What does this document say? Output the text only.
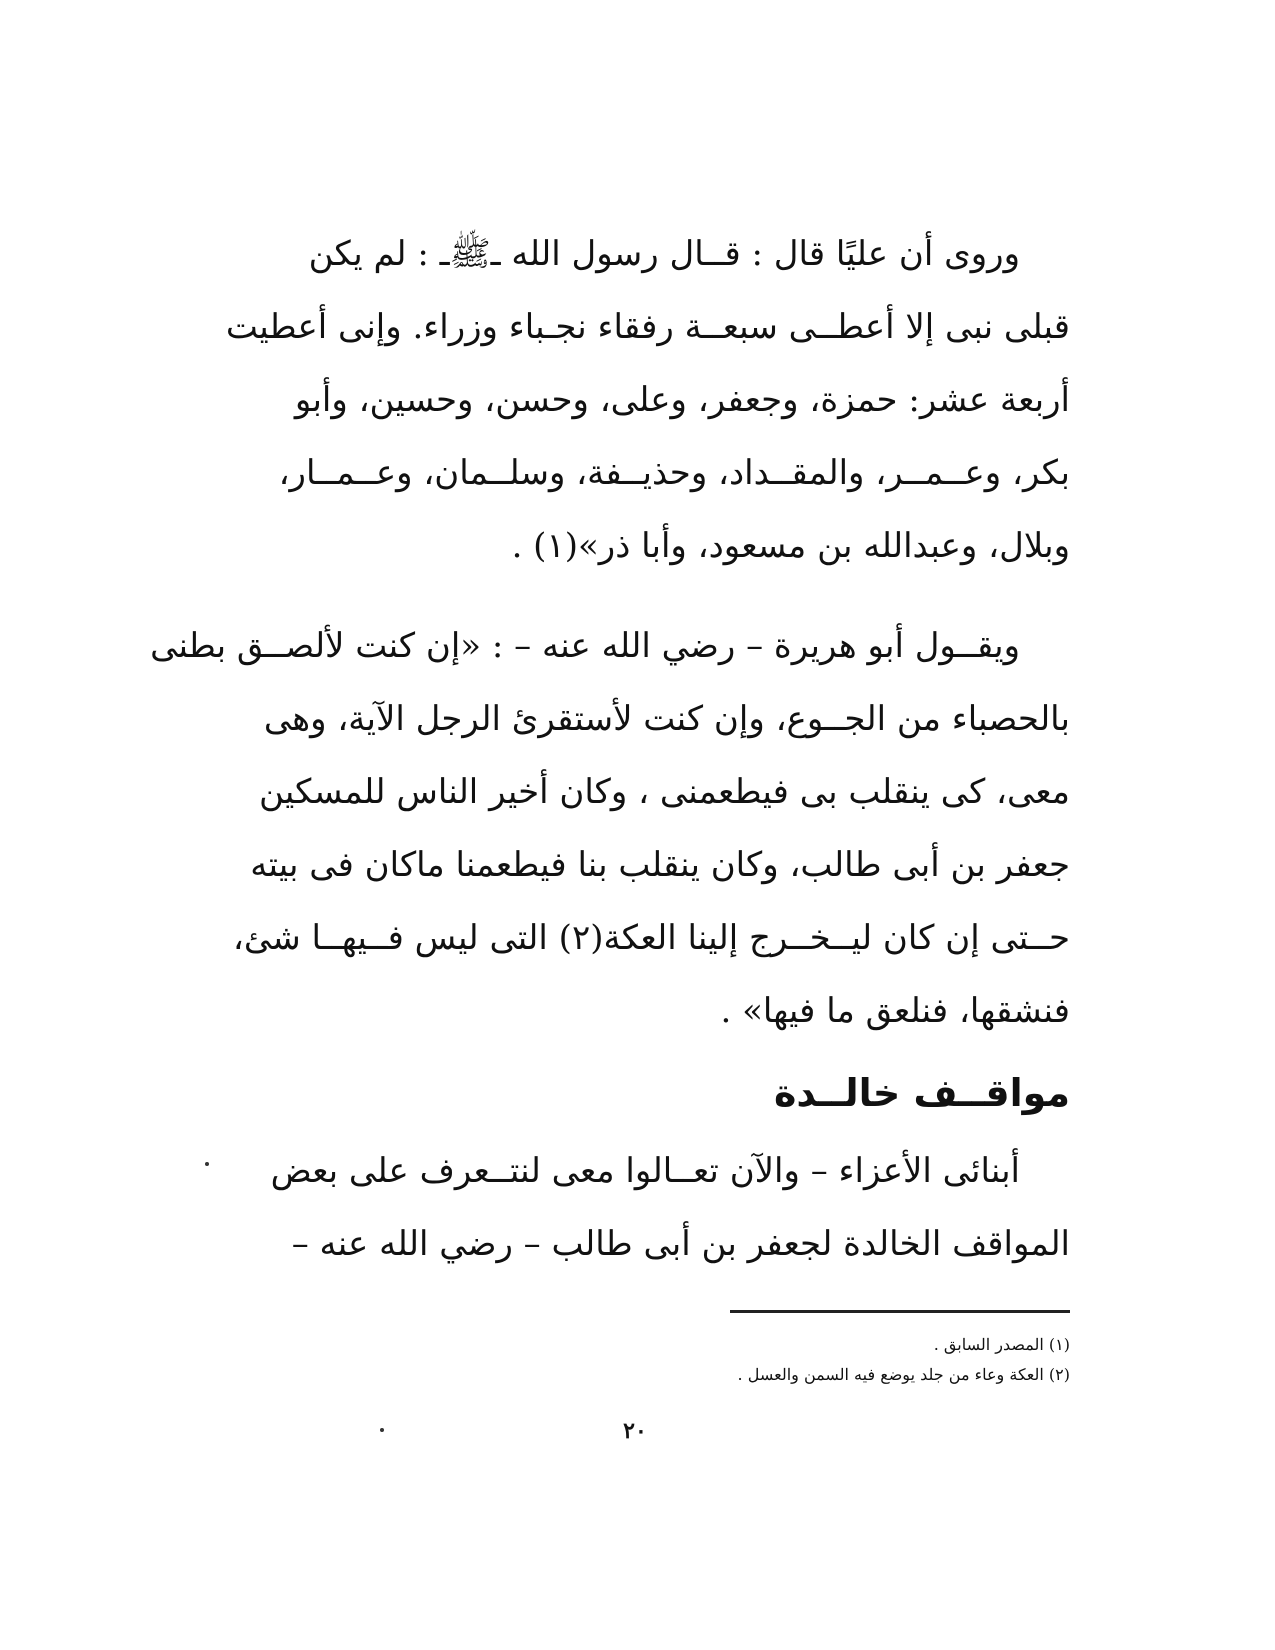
وروى أن عليًا قال : قــال رسول الله ـﷺـ : لم يكن
قبلى نبى إلا أعطــى سبعــة رفقاء نجـباء وزراء. وإنى أعطيت
أربعة عشر: حمزة، وجعفر، وعلى، وحسن، وحسين، وأبو
بكر، وعــمــر، والمقــداد، وحذيــفة، وسلــمان، وعــمــار،
وبلال، وعبدالله بن مسعود، وأبا ذر»(١) .
ويقــول أبو هريرة – رضي الله عنه – : «إن كنت لألصــق بطنى
بالحصباء من الجــوع، وإن كنت لأستقرئ الرجل الآية، وهى
معى، كى ينقلب بى فيطعمنى ، وكان أخير الناس للمسكين
جعفر بن أبى طالب، وكان ينقلب بنا فيطعمنا ماكان فى بيته
حــتى إن كان ليــخــرج إلينا العكة(٢) التى ليس فــيهــا شئ،
فنشقها، فنلعق ما فيها» .
مواقــف خالــدة
أبنائى الأعزاء – والآن تعــالوا معى لنتــعرف على بعض
المواقف الخالدة لجعفر بن أبى طالب – رضي الله عنه –
(١) المصدر السابق .
(٢) العكة وعاء من جلد يوضع فيه السمن والعسل .
٢٠
